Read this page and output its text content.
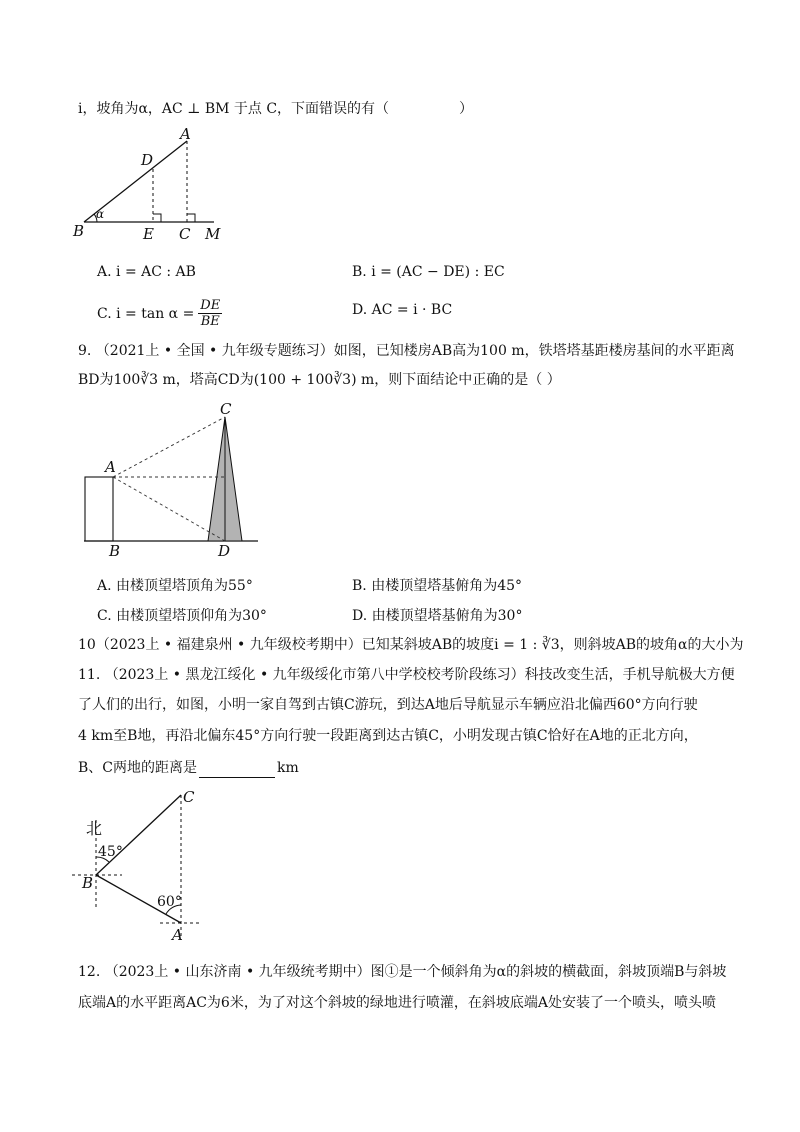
i，坡角为α，AC ⊥ BM 于点 C，下面错误的有（　　　　　）
A
D
B	E C M
α
A. i = AC : AB	B. i = (AC − DE) : EC
C. $i = \tan \alpha = \frac{DE}{BE}$	D. AC = i · BC
9. （2021上 • 全国 • 九年级专题练习）如图，已知楼房AB高为100 m，铁塔塔基距楼房基间的水平距离
BD为100∛3 m，塔高CD为(100 + 100∛3) m，则下面结论中正确的是（ ）
A
B
C
D
A. 由楼顶望塔顶角为55°	B. 由楼顶望塔基俯角为45°
C. 由楼顶望塔顶仰角为30°	D. 由楼顶望塔基俯角为30°
10（2023上 • 福建泉州 • 九年级校考期中）已知某斜坡AB的坡度i = 1 : ∛3，则斜坡AB的坡角α的大小为
11. （2023上 • 黑龙江绥化 • 九年级绥化市第八中学校校考阶段练习）科技改变生活，手机导航极大方便
了人们的出行，如图，小明一家自驾到古镇C游玩，到达A地后导航显示车辆应沿北偏西60°方向行驶
4 km至B地，再沿北偏东45°方向行驶一段距离到达古镇C，小明发现古镇C恰好在A地的正北方向，
B、C两地的距离是	km
北
45°
60°
B
A
C
12. （2023上 • 山东济南 • 九年级统考期中）图①是一个倾斜角为α的斜坡的横截面，斜坡顶端B与斜坡
底端A的水平距离AC为6米，为了对这个斜坡的绿地进行喷灌，在斜坡底端A处安装了一个喷头，喷头喷
